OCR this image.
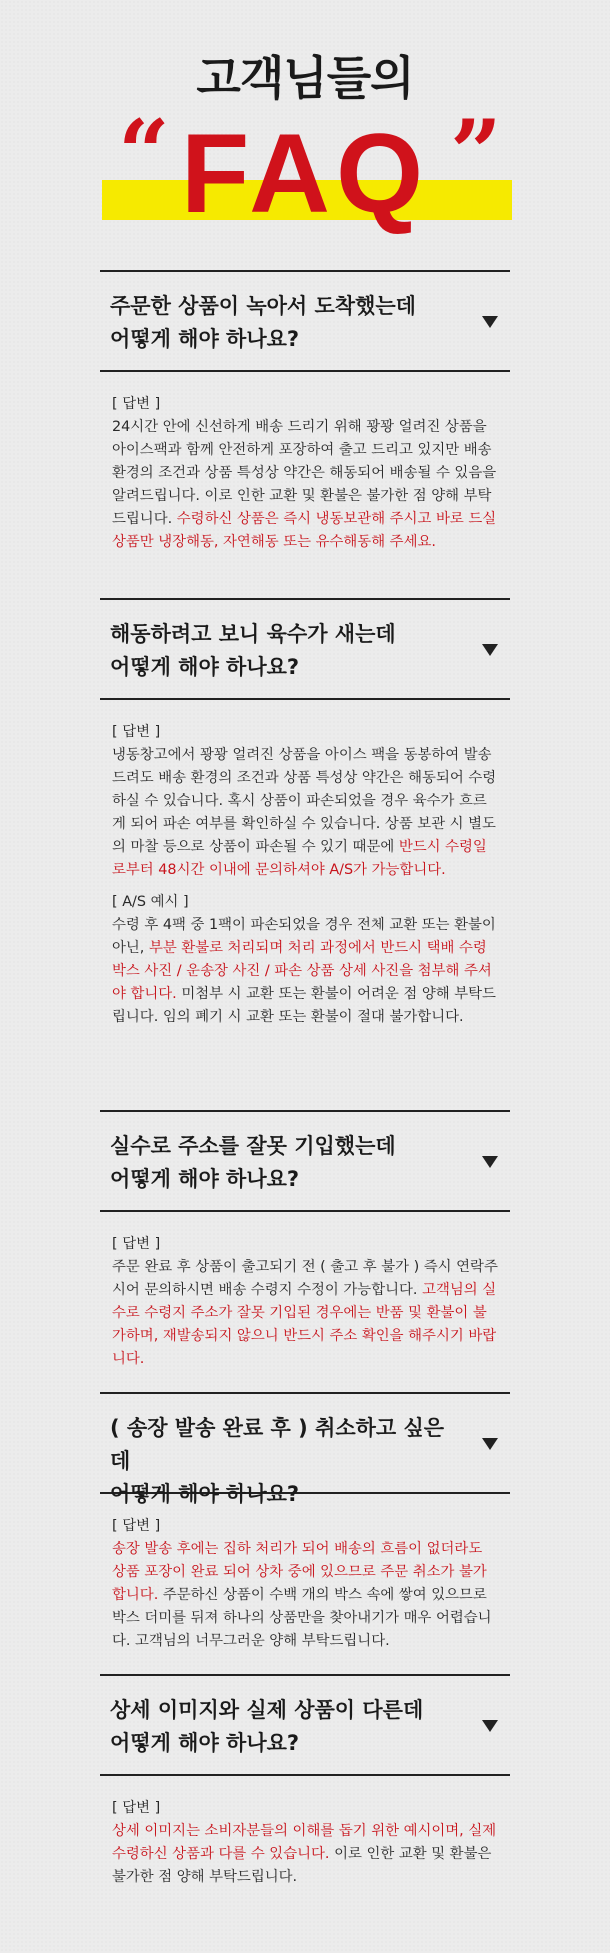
고객님들의
“ FAQ ”
주문한 상품이 녹아서 도착했는데
어떻게 해야 하나요?
[ 답변 ]
24시간 안에 신선하게 배송 드리기 위해 꽝꽝 얼려진 상품을 아이스팩과 함께 안전하게 포장하여 출고 드리고 있지만 배송 환경의 조건과 상품 특성상 약간은 해동되어 배송될 수 있음을 알려드립니다. 이로 인한 교환 및 환불은 불가한 점 양해 부탁드립니다. 수령하신 상품은 즉시 냉동보관해 주시고 바로 드실 상품만 냉장해동, 자연해동 또는 유수해동해 주세요.
해동하려고 보니 육수가 새는데
어떻게 해야 하나요?
[ 답변 ]
냉동창고에서 꽝꽝 얼려진 상품을 아이스 팩을 동봉하여 발송 드려도 배송 환경의 조건과 상품 특성상 약간은 해동되어 수령하실 수 있습니다. 혹시 상품이 파손되었을 경우 육수가 흐르게 되어 파손 여부를 확인하실 수 있습니다. 상품 보관 시 별도의 마찰 등으로 상품이 파손될 수 있기 때문에 반드시 수령일로부터 48시간 이내에 문의하셔야 A/S가 가능합니다.
[ A/S 예시 ]
수령 후 4팩 중 1팩이 파손되었을 경우 전체 교환 또는 환불이 아닌, 부분 환불로 처리되며 처리 과정에서 반드시 택배 수령 박스 사진 / 운송장 사진 / 파손 상품 상세 사진을 첨부해 주셔야 합니다. 미첨부 시 교환 또는 환불이 어려운 점 양해 부탁드립니다. 임의 폐기 시 교환 또는 환불이 절대 불가합니다.
실수로 주소를 잘못 기입했는데
어떻게 해야 하나요?
[ 답변 ]
주문 완료 후 상품이 출고되기 전 ( 출고 후 불가 ) 즉시 연락주시어 문의하시면 배송 수령지 수정이 가능합니다. 고객님의 실수로 수령지 주소가 잘못 기입된 경우에는 반품 및 환불이 불가하며, 재발송되지 않으니 반드시 주소 확인을 해주시기 바랍니다.
( 송장 발송 완료 후 ) 취소하고 싶은데
어떻게 해야 하나요?
[ 답변 ]
송장 발송 후에는 집하 처리가 되어 배송의 흐름이 없더라도 상품 포장이 완료 되어 상차 중에 있으므로 주문 취소가 불가합니다. 주문하신 상품이 수백 개의 박스 속에 쌓여 있으므로 박스 더미를 뒤져 하나의 상품만을 찾아내기가 매우 어렵습니다. 고객님의 너무그러운 양해 부탁드립니다.
상세 이미지와 실제 상품이 다른데
어떻게 해야 하나요?
[ 답변 ]
상세 이미지는 소비자분들의 이해를 돕기 위한 예시이며, 실제 수령하신 상품과 다를 수 있습니다. 이로 인한 교환 및 환불은 불가한 점 양해 부탁드립니다.
